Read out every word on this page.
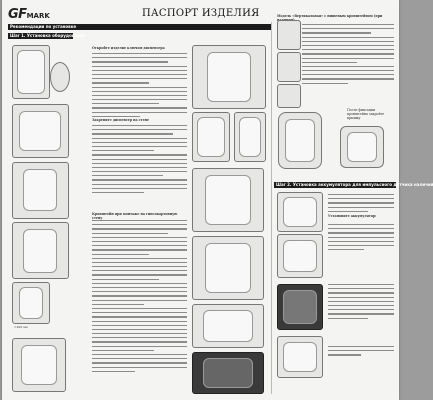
GFMARK	ПАСПОРТ ИЗДЕЛИЯ
Рекомендации по установке
Шаг 1. Установка оборудования
≈100 мм
Откройте изделие ключом диспенсера
Закрепите диспенсер на стене
Кронштейн при монтаже на гипсокартонную стену
Модель «Вертикальная» с нишевым кронштейном (при
После фиксации кронштейна закройте крышку
Шаг 2. Установка аккумулятора для импульсного датчика наличия
Установите аккумулятор:
